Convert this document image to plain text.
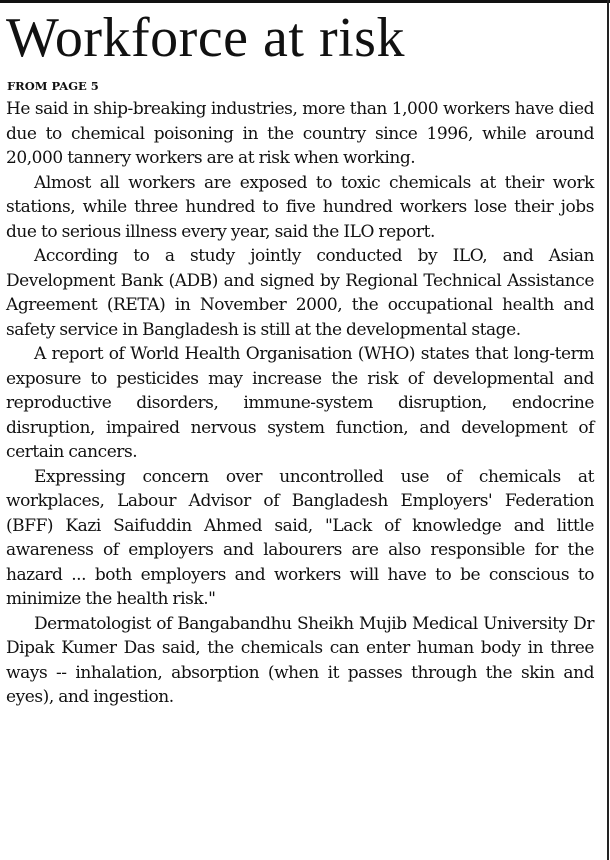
Workforce at risk
FROM PAGE 5

He said in ship-breaking industries, more than 1,000 workers have died due to chemical poisoning in the country since 1996, while around 20,000 tannery workers are at risk when working.

Almost all workers are exposed to toxic chemicals at their work stations, while three hundred to five hundred workers lose their jobs due to serious illness every year, said the ILO report.

According to a study jointly conducted by ILO, and Asian Development Bank (ADB) and signed by Regional Technical Assistance Agreement (RETA) in November 2000, the occupational health and safety service in Bangladesh is still at the developmental stage.

A report of World Health Organisation (WHO) states that long-term exposure to pesticides may increase the risk of developmental and reproductive disorders, immune-system disruption, endocrine disruption, impaired nervous system function, and development of certain cancers.

Expressing concern over uncontrolled use of chemicals at workplaces, Labour Advisor of Bangladesh Employers' Federation (BFF) Kazi Saifuddin Ahmed said, "Lack of knowledge and little awareness of employers and labourers are also responsible for the hazard ... both employers and workers will have to be conscious to minimize the health risk."

Dermatologist of Bangabandhu Sheikh Mujib Medical University Dr Dipak Kumer Das said, the chemicals can enter human body in three ways -- inhalation, absorption (when it passes through the skin and eyes), and ingestion.
